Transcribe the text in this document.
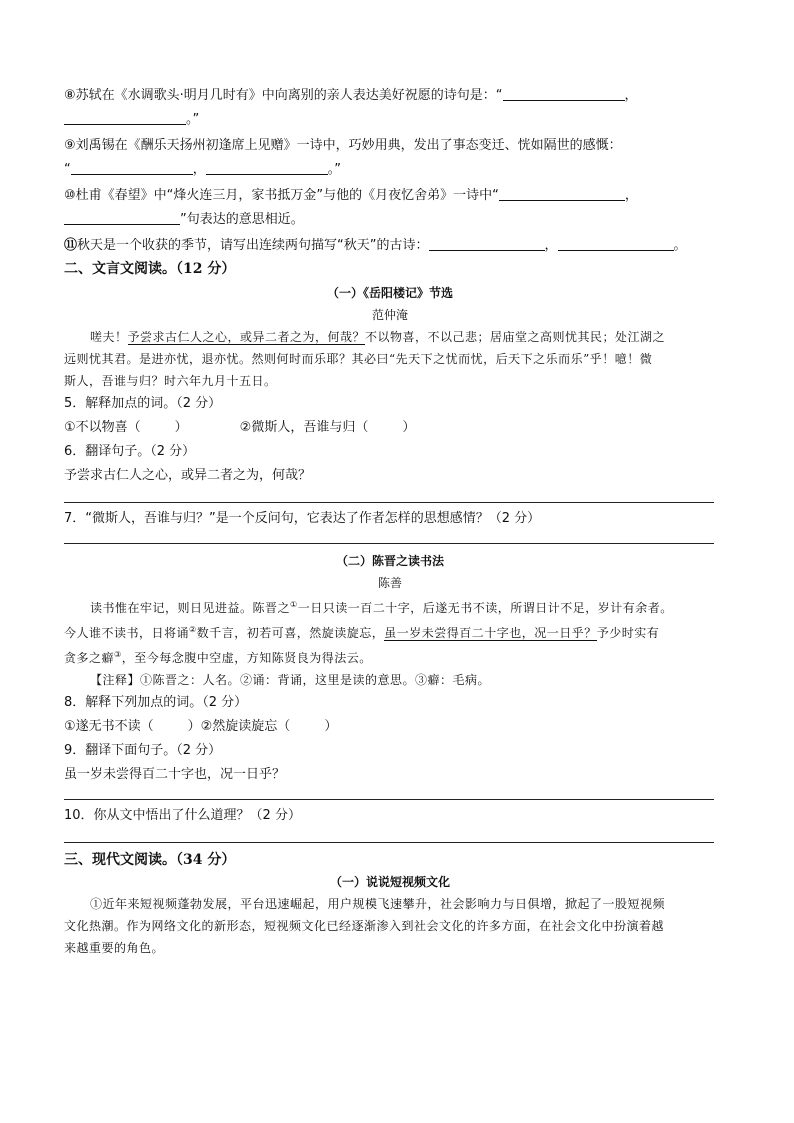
⑧苏轼在《水调歌头·明月几时有》中向离别的亲人表达美好祝愿的诗句是：“	，
。”
⑨刘禹锡在《酬乐天扬州初逢席上见赠》一诗中，巧妙用典，发出了事态变迁、恍如隔世的感慨：
“	，	。”
⑩杜甫《春望》中“烽火连三月，家书抵万金”与他的《月夜忆舍弟》一诗中“	，
”句表达的意思相近。
⑪秋天是一个收获的季节，请写出连续两句描写“秋天”的古诗：	，	。
二、文言文阅读。（12 分）
（一）《岳阳楼记》节选
范仲淹
嗟夫！予尝求古仁人之心，或异二者之为，何哉？不以物喜，不以己悲；居庙堂之高则忧其民；处江湖之
远则忧其君。是进亦忧，退亦忧。然则何时而乐耶？其必曰“先天下之忧而忧，后天下之乐而乐”乎！噫！微
斯人，吾谁与归？时六年九月十五日。
5．解释加点的词。（2 分）
①不以物喜（	）	②微斯人，吾谁与归（	）
6．翻译句子。（2 分）
予尝求古仁人之心，或异二者之为，何哉？
7．“微斯人，吾谁与归？”是一个反问句，它表达了作者怎样的思想感情？（2 分）
（二）陈晋之读书法
陈善
读书惟在牢记，则日见进益。陈晋之①一日只读一百二十字，后遂无书不读，所谓日计不足，岁计有余者。
今人谁不读书，日将诵②数千言，初若可喜，然旋读旋忘，虽一岁未尝得百二十字也，况一日乎？予少时实有
贪多之癖③，至今每念腹中空虚，方知陈贤良为得法云。
【注释】①陈晋之：人名。②诵：背诵，这里是读的意思。③癖：毛病。
8．解释下列加点的词。（2 分）
①遂无书不读（	）②然旋读旋忘（	）
9．翻译下面句子。（2 分）
虽一岁未尝得百二十字也，况一日乎？
10．你从文中悟出了什么道理？（2 分）
三、现代文阅读。（34 分）
（一）说说短视频文化
①近年来短视频蓬勃发展，平台迅速崛起，用户规模飞速攀升，社会影响力与日俱增，掀起了一股短视频
文化热潮。作为网络文化的新形态，短视频文化已经逐渐渗入到社会文化的许多方面，在社会文化中扮演着越
来越重要的角色。
